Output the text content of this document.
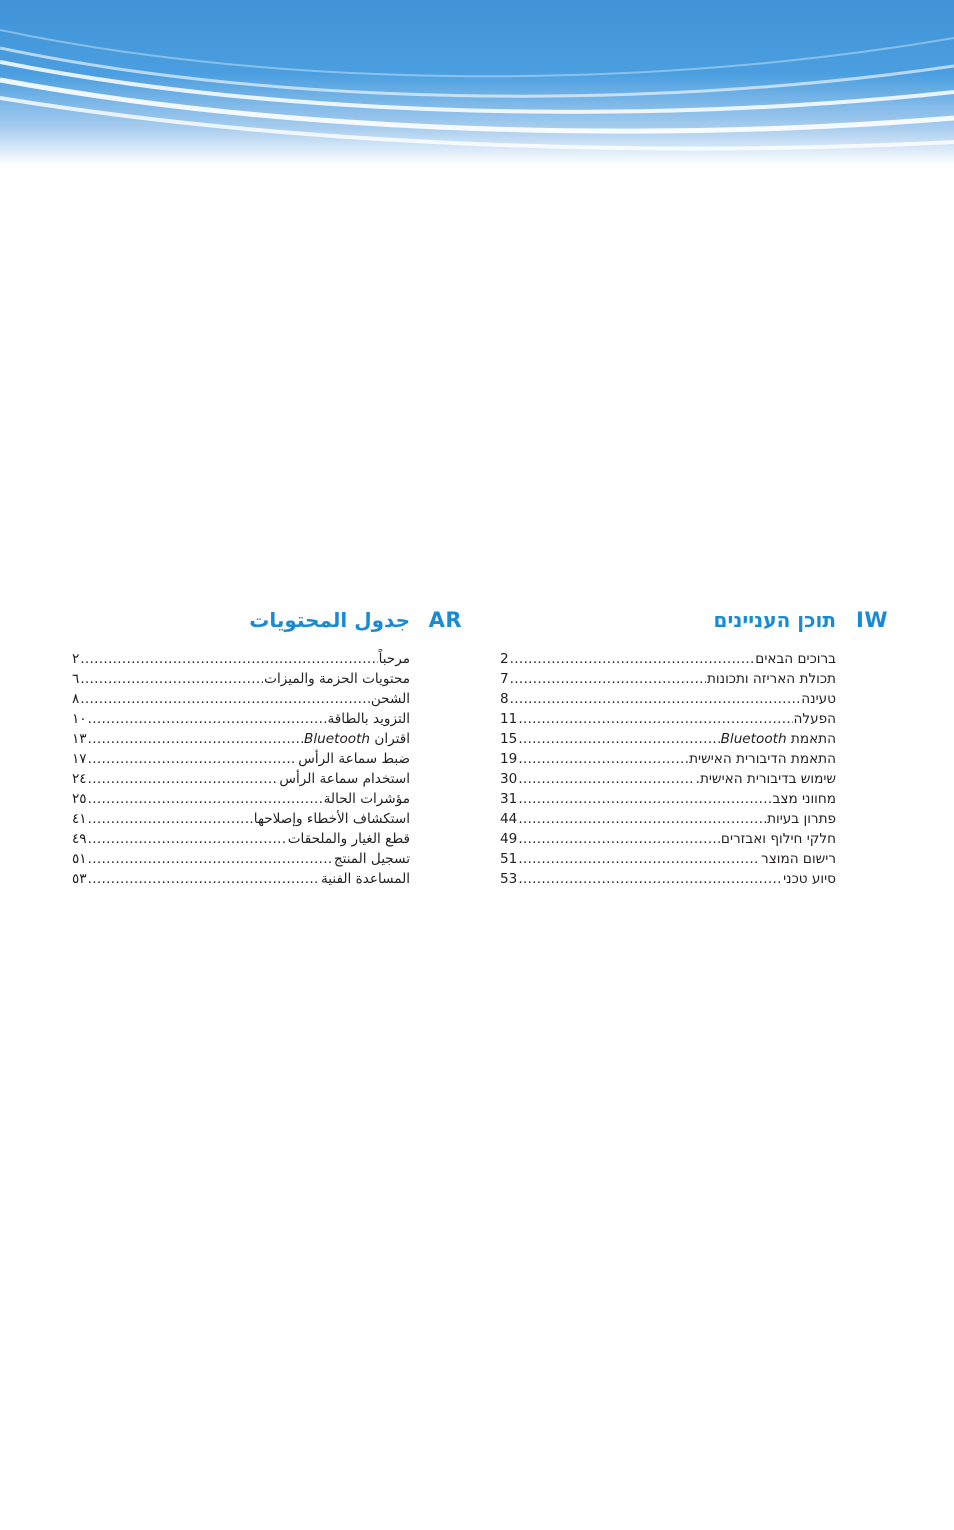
IW
תוכן העניינים
ברוכים הבאים
.....
2
תכולת האריזה ותכונות
.....
7
טעינה
.....
8
הפעלה
.....
11
התאמת Bluetooth
.....
15
התאמת הדיבורית האישית
.....
19
שימוש בדיבורית האישית.
.....
30
מחווני מצב
.....
31
פתרון בעיות
.....
44
חלקי חילוף ואבזרים
.....
49
רישום המוצר
.....
51
סיוע טכני
.....
53
AR
جدول المحتويات
مرحباً
.....
٢
محتويات الحزمة والميزات
.....
٦
الشحن
.....
٨
التزويد بالطاقة
.....
١٠
اقتران Bluetooth
.....
١٣
ضبط سماعة الرأس
.....
١٧
استخدام سماعة الرأس
.....
٢٤
مؤشرات الحالة
.....
٢٥
استكشاف الأخطاء وإصلاحها
.....
٤١
قطع الغيار والملحقات
.....
٤٩
تسجيل المنتج
.....
٥١
المساعدة الفنية
.....
٥٣
